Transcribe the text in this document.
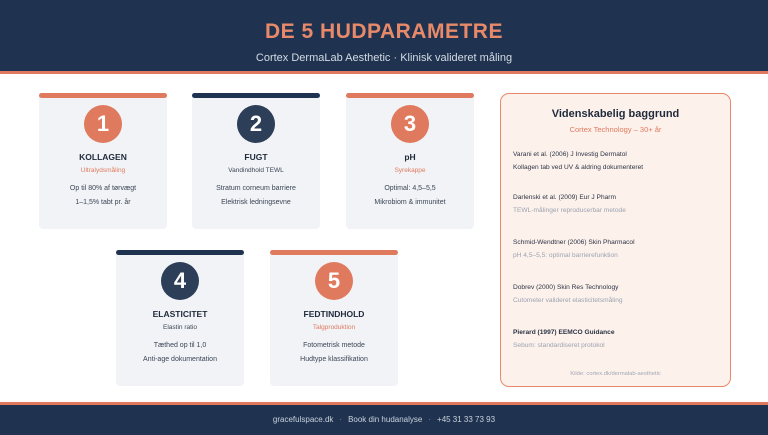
DE 5 HUDPARAMETRE
Cortex DermaLab Aesthetic · Klinisk valideret måling
1
KOLLAGEN
Ultralydsmåling
Op til 80% af tørvægt
1–1,5% tabt pr. år
2
FUGT
Vandindhold TEWL
Stratum corneum barriere
Elektrisk ledningsevne
3
pH
Syrekappe
Optimal: 4,5–5,5
Mikrobiom & immunitet
4
ELASTICITET
Elastin ratio
Tæthed op til 1,0
Anti-age dokumentation
5
FEDTINDHOLD
Talgproduktion
Fotometrisk metode
Hudtype klassifikation
Videnskabelig baggrund
Cortex Technology – 30+ år
Varani et al. (2006) J Investig Dermatol
Kollagen tab ved UV & aldring dokumenteret
Darlenski et al. (2009) Eur J Pharm
TEWL-målinger reproducerbar metode
Schmid-Wendtner (2006) Skin Pharmacol
pH 4,5–5,5: optimal barrierefunktion
Dobrev (2000) Skin Res Technology
Cutometer valideret elasticitetsmåling
Pierard (1997) EEMCO Guidance
Sebum: standardiseret protokol
Kilde: cortex.dk/dermalab-aesthetic
gracefulspace.dk · Book din hudanalyse · +45 31 33 73 93
